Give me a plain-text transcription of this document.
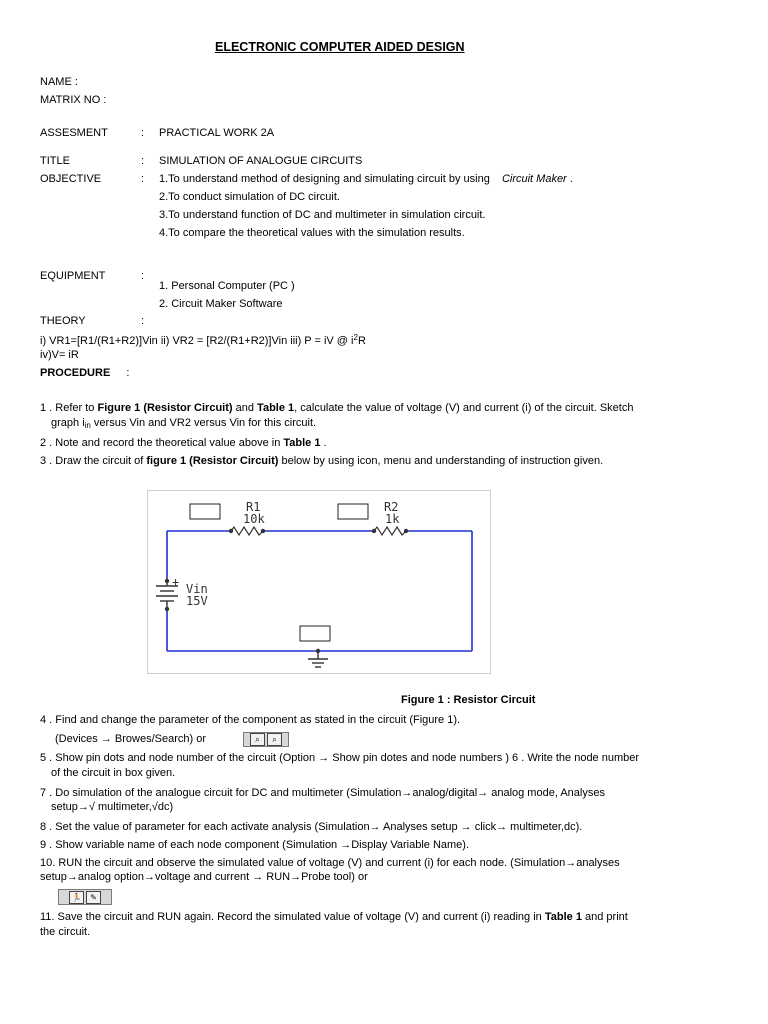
ELECTRONIC COMPUTER AIDED DESIGN
NAME :
MATRIX NO :
ASSESMENT	: PRACTICAL WORK 2A
TITLE	: SIMULATION OF ANALOGUE CIRCUITS
OBJECTIVE	: 1.To understand method of designing and simulating circuit by using Circuit Maker .
2.To conduct simulation of DC circuit.
3.To understand function of DC and multimeter in simulation circuit.
4.To compare the theoretical values with the simulation results.
EQUIPMENT	:
1. Personal Computer (PC )
2. Circuit Maker Software
THEORY	:
i) VR1=[R1/(R1+R2)]Vin ii) VR2 = [R2/(R1+R2)]Vin iii) P = iV @ $i^2R$
iv)V= iR
PROCEDURE :
1 . Refer to Figure 1 (Resistor Circuit) and Table 1, calculate the value of voltage (V) and current (i) of the circuit. Sketch
graph iin versus Vin and VR2 versus Vin for this circuit.
2 . Note and record the theoretical value above in Table 1 .
3 . Draw the circuit of figure 1 (Resistor Circuit) below by using icon, menu and understanding of instruction given.
R1
10k
R2
1k
+ Vin
15V
Figure 1 : Resistor Circuit
4 . Find and change the parameter of the component as stated in the circuit (Figure 1).
(Devices → Browes/Search) or	⌕	⌕
5 . Show pin dots and node number of the circuit (Option → Show pin dotes and node numbers ) 6 . Write the node number
of the circuit in box given.
7 . Do simulation of the analogue circuit for DC and multimeter (Simulation→analog/digital→ analog mode, Analyses
setup→√ multimeter,√dc)
8 . Set the value of parameter for each activate analysis (Simulation→ Analyses setup → click→ multimeter,dc).
9 . Show variable name of each node component (Simulation →Display Variable Name).
10. RUN the circuit and observe the simulated value of voltage (V) and current (i) for each node. (Simulation→analyses
setup→analog option→voltage and current → RUN→Probe tool) or
🏃	✎
11. Save the circuit and RUN again. Record the simulated value of voltage (V) and current (i) reading in Table 1 and print
the circuit.
